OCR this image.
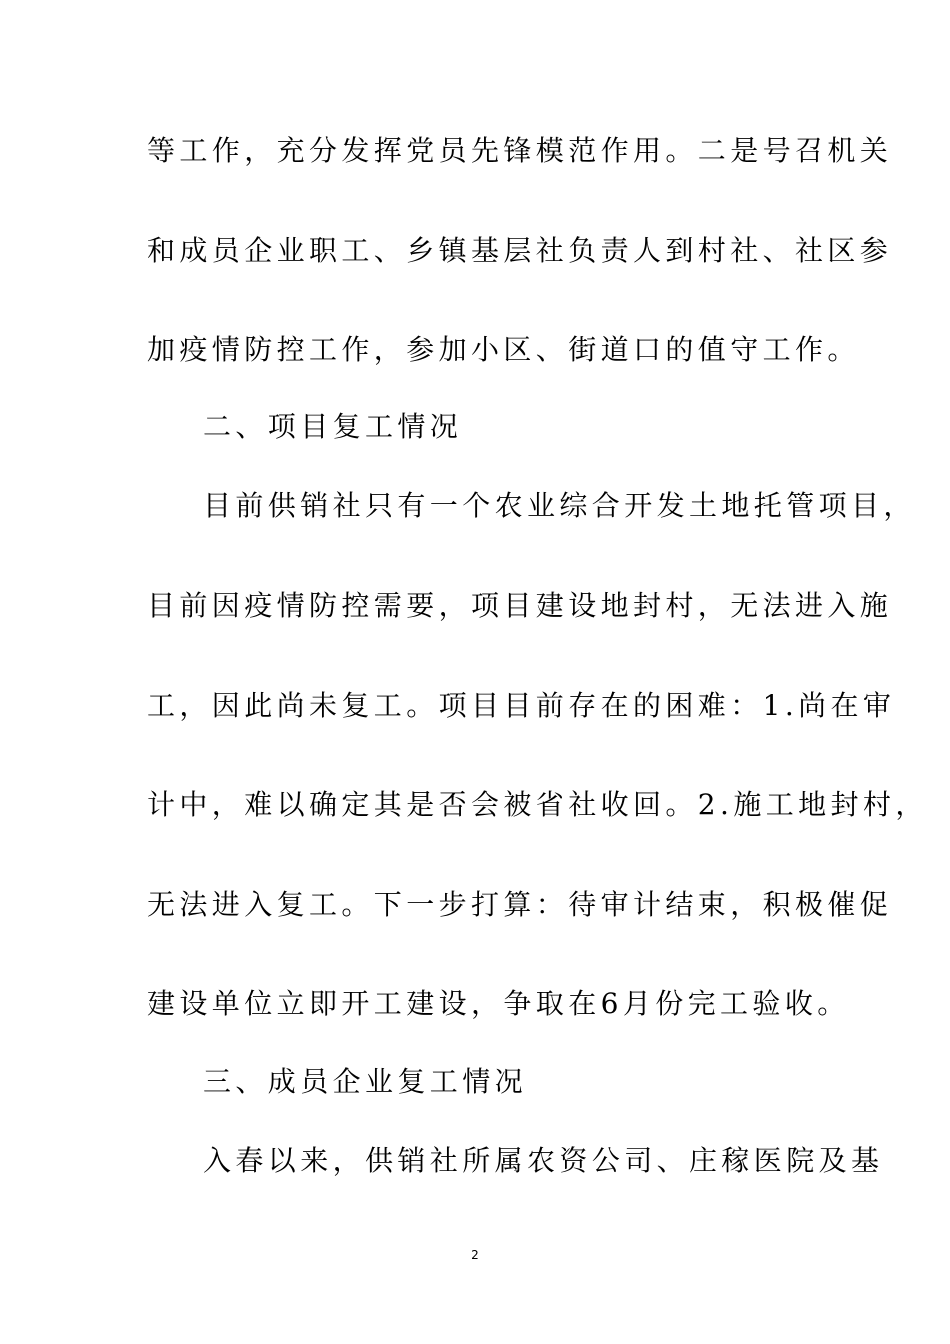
等工作，充分发挥党员先锋模范作用。二是号召机关
和成员企业职工、乡镇基层社负责人到村社、社区参
加疫情防控工作，参加小区、街道口的值守工作。
二、项目复工情况
目前供销社只有一个农业综合开发土地托管项目，
目前因疫情防控需要，项目建设地封村，无法进入施
工，因此尚未复工。项目目前存在的困难：1.尚在审
计中，难以确定其是否会被省社收回。2.施工地封村，
无法进入复工。下一步打算：待审计结束，积极催促
建设单位立即开工建设，争取在6月份完工验收。
三、成员企业复工情况
入春以来，供销社所属农资公司、庄稼医院及基
2
